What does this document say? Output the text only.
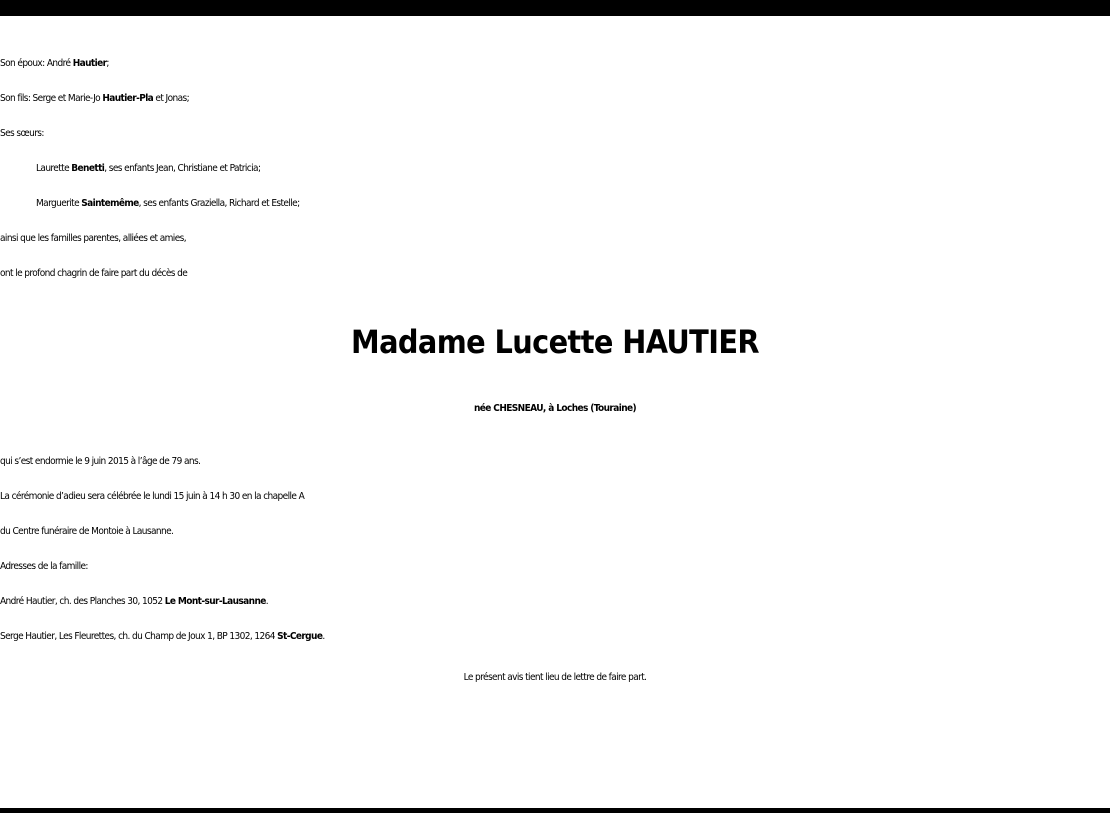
Son époux: André Hautier;
Son fils: Serge et Marie-Jo Hautier-Pla et Jonas;
Ses sœurs:
Laurette Benetti, ses enfants Jean, Christiane et Patricia;
Marguerite Saintemême, ses enfants Graziella, Richard et Estelle;
ainsi que les familles parentes, alliées et amies,
ont le profond chagrin de faire part du décès de
Madame Lucette HAUTIER
née CHESNEAU, à Loches (Touraine)
qui s’est endormie le 9 juin 2015 à l’âge de 79 ans.
La cérémonie d’adieu sera célébrée le lundi 15 juin à 14 h 30 en la chapelle A
du Centre funéraire de Montoie à Lausanne.
Adresses de la famille:
André Hautier, ch. des Planches 30, 1052 Le Mont-sur-Lausanne.
Serge Hautier, Les Fleurettes, ch. du Champ de Joux 1, BP 1302, 1264 St-Cergue.
Le présent avis tient lieu de lettre de faire part.
